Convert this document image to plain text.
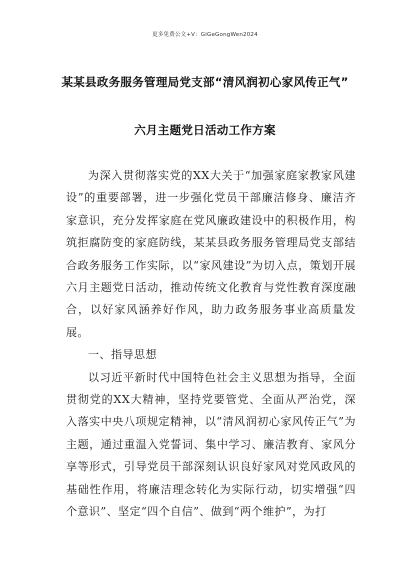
更多免费公文+V：GiGeGongWen2024
某某县政务服务管理局党支部“清风润初心家风传正气”
六月主题党日活动工作方案

为深入贯彻落实党的XX大关于“加强家庭家教家风建设”的重要部署，进一步强化党员干部廉洁修身、廉洁齐家意识，充分发挥家庭在党风廉政建设中的积极作用，构筑拒腐防变的家庭防线，某某县政务服务管理局党支部结合政务服务工作实际，以“家风建设”为切入点，策划开展六月主题党日活动，推动传统文化教育与党性教育深度融合，以好家风涵养好作风，助力政务服务事业高质量发展。

一、指导思想

以习近平新时代中国特色社会主义思想为指导，全面贯彻党的XX大精神，坚持党要管党、全面从严治党，深入落实中央八项规定精神，以“清风润初心家风传正气”为主题，通过重温入党誓词、集中学习、廉洁教育、家风分享等形式，引导党员干部深刻认识良好家风对党风政风的基础性作用，将廉洁理念转化为实际行动，切实增强“四个意识”、坚定“四个自信”、做到“两个维护”，为打
